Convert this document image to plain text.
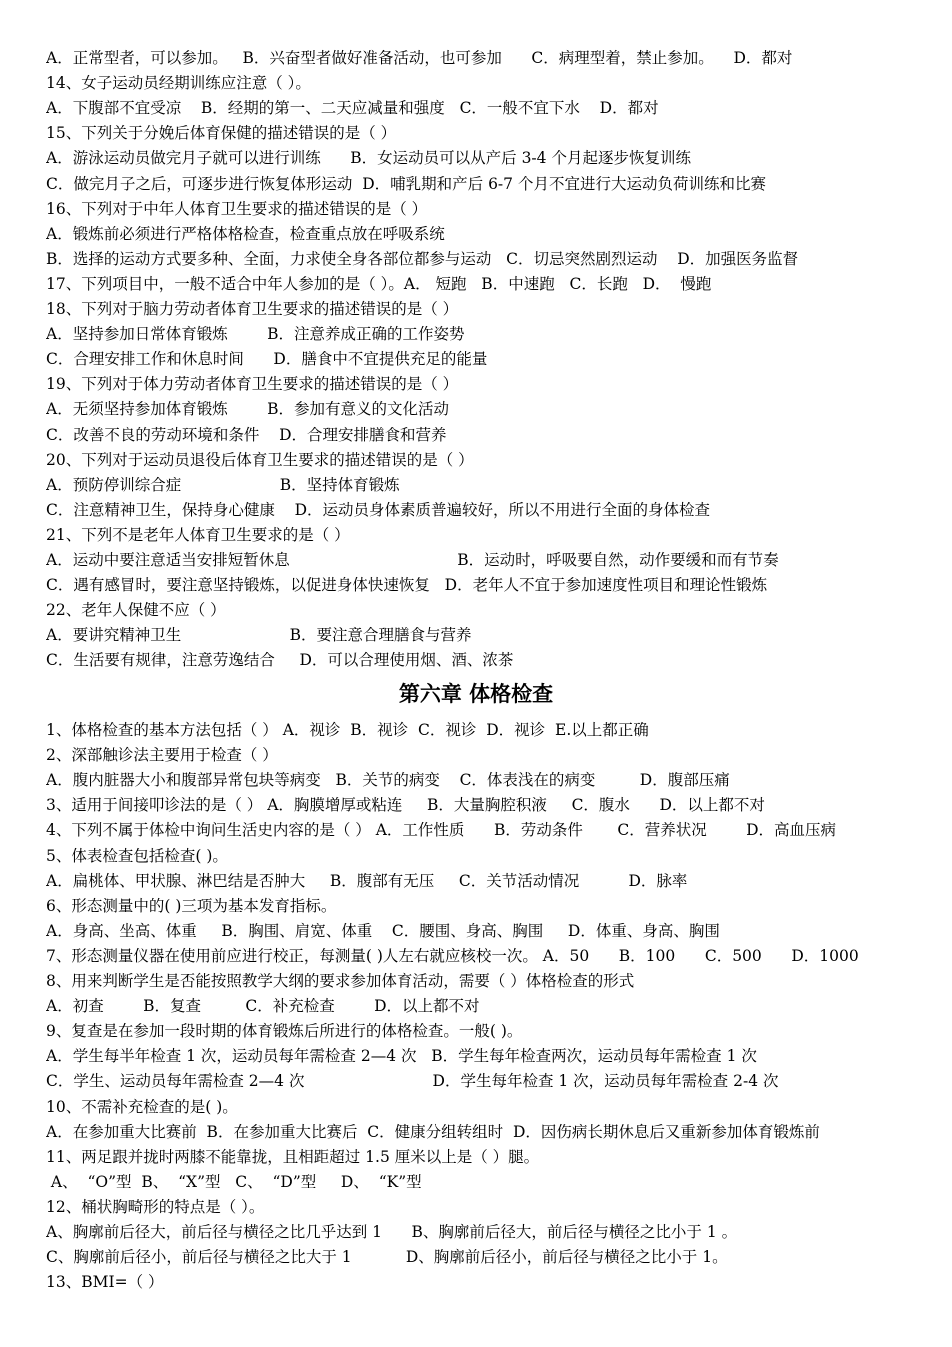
A．正常型者，可以参加。   B．兴奋型者做好准备活动，也可参加      C．病理型着，禁止参加。    D．都对
14、女子运动员经期训练应注意（ ）。
A．下腹部不宜受凉    B．经期的第一、二天应减量和强度   C．一般不宜下水    D．都对
15、下列关于分娩后体育保健的描述错误的是（ ）
A．游泳运动员做完月子就可以进行训练      B．女运动员可以从产后 3-4 个月起逐步恢复训练
C．做完月子之后，可逐步进行恢复体形运动  D．哺乳期和产后 6-7 个月不宜进行大运动负荷训练和比赛
16、下列对于中年人体育卫生要求的描述错误的是（ ）
A．锻炼前必须进行严格体格检查，检查重点放在呼吸系统
B．选择的运动方式要多种、全面，力求使全身各部位都参与运动   C．切忌突然剧烈运动    D．加强医务监督
17、下列项目中，一般不适合中年人参加的是（ ）。A． 短跑   B．中速跑   C．长跑   D．  慢跑
18、下列对于脑力劳动者体育卫生要求的描述错误的是（ ）
A．坚持参加日常体育锻炼        B．注意养成正确的工作姿势
C．合理安排工作和休息时间      D．膳食中不宜提供充足的能量
19、下列对于体力劳动者体育卫生要求的描述错误的是（ ）
A．无须坚持参加体育锻炼        B．参加有意义的文化活动
C．改善不良的劳动环境和条件    D．合理安排膳食和营养
20、下列对于运动员退役后体育卫生要求的描述错误的是（ ）
A．预防停训综合症                    B．坚持体育锻炼
C．注意精神卫生，保持身心健康    D．运动员身体素质普遍较好，所以不用进行全面的身体检查
21、下列不是老年人体育卫生要求的是（ ）
A．运动中要注意适当安排短暂休息                                  B．运动时，呼吸要自然，动作要缓和而有节奏
C．遇有感冒时，要注意坚持锻炼，以促进身体快速恢复   D．老年人不宜于参加速度性项目和理论性锻炼
22、老年人保健不应（ ）
A．要讲究精神卫生                      B．要注意合理膳食与营养
C．生活要有规律，注意劳逸结合     D．可以合理使用烟、酒、浓茶
第六章 体格检查
1、体格检查的基本方法包括（ ） A．视诊  B．视诊  C．视诊  D．视诊  E.以上都正确
2、深部触诊法主要用于检查（ ）
A．腹内脏器大小和腹部异常包块等病变   B．关节的病变    C．体表浅在的病变         D．腹部压痛
3、适用于间接叩诊法的是（ ） A．胸膜增厚或粘连     B．大量胸腔积液     C．腹水      D．以上都不对
4、下列不属于体检中询问生活史内容的是（ ） A．工作性质      B．劳动条件       C．营养状况        D．高血压病
5、体表检查包括检查( )。
A．扁桃体、甲状腺、淋巴结是否肿大     B．腹部有无压     C．关节活动情况          D．脉率
6、形态测量中的( )三项为基本发育指标。
A．身高、坐高、体重     B．胸围、肩宽、体重    C．腰围、身高、胸围     D．体重、身高、胸围
7、形态测量仪器在使用前应进行校正，每测量( )人左右就应核校一次。 A．50      B．100      C．500      D．1000
8、用来判断学生是否能按照教学大纲的要求参加体育活动，需要（ ）体格检查的形式
A．初查        B．复查         C．补充检查        D．以上都不对
9、复查是在参加一段时期的体育锻炼后所进行的体格检查。一般( )。
A．学生每半年检查 1 次，运动员每年需检查 2—4 次   B．学生每年检查两次，运动员每年需检查 1 次
C．学生、运动员每年需检查 2—4 次                          D．学生每年检查 1 次，运动员每年需检查 2-4 次
10、不需补充检查的是( )。
A．在参加重大比赛前  B．在参加重大比赛后  C．健康分组转组时  D．因伤病长期休息后又重新参加体育锻炼前
11、两足跟并拢时两膝不能靠拢，且相距超过 1.5 厘米以上是（ ）腿。
A、  “O”型  B、  “X”型   C、  “D”型     D、  “K”型
12、桶状胸畸形的特点是（ ）。
A、胸廓前后径大，前后径与横径之比几乎达到 1      B、胸廓前后径大，前后径与横径之比小于 1 。
C、胸廓前后径小，前后径与横径之比大于 1           D、胸廓前后径小，前后径与横径之比小于 1。
13、BMI=（ ）
